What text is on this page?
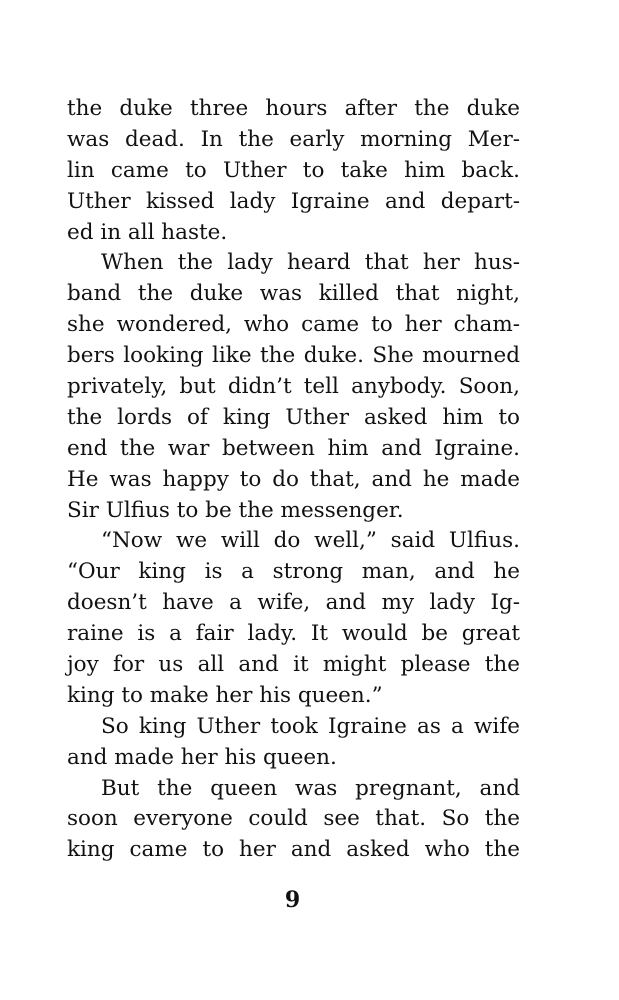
the duke three hours after the duke
was dead. In the early morning Mer-
lin came to Uther to take him back.
Uther kissed lady Igraine and depart-
ed in all haste.
When the lady heard that her hus-
band the duke was killed that night,
she wondered, who came to her cham-
bers looking like the duke. She mourned
privately, but didn’t tell anybody. Soon,
the lords of king Uther asked him to
end the war between him and Igraine.
He was happy to do that, and he made
Sir Ulfius to be the messenger.
“Now we will do well,” said Ulfius.
“Our king is a strong man, and he
doesn’t have a wife, and my lady Ig-
raine is a fair lady. It would be great
joy for us all and it might please the
king to make her his queen.”
So king Uther took Igraine as a wife
and made her his queen.
But the queen was pregnant, and
soon everyone could see that. So the
king came to her and asked who the
9
